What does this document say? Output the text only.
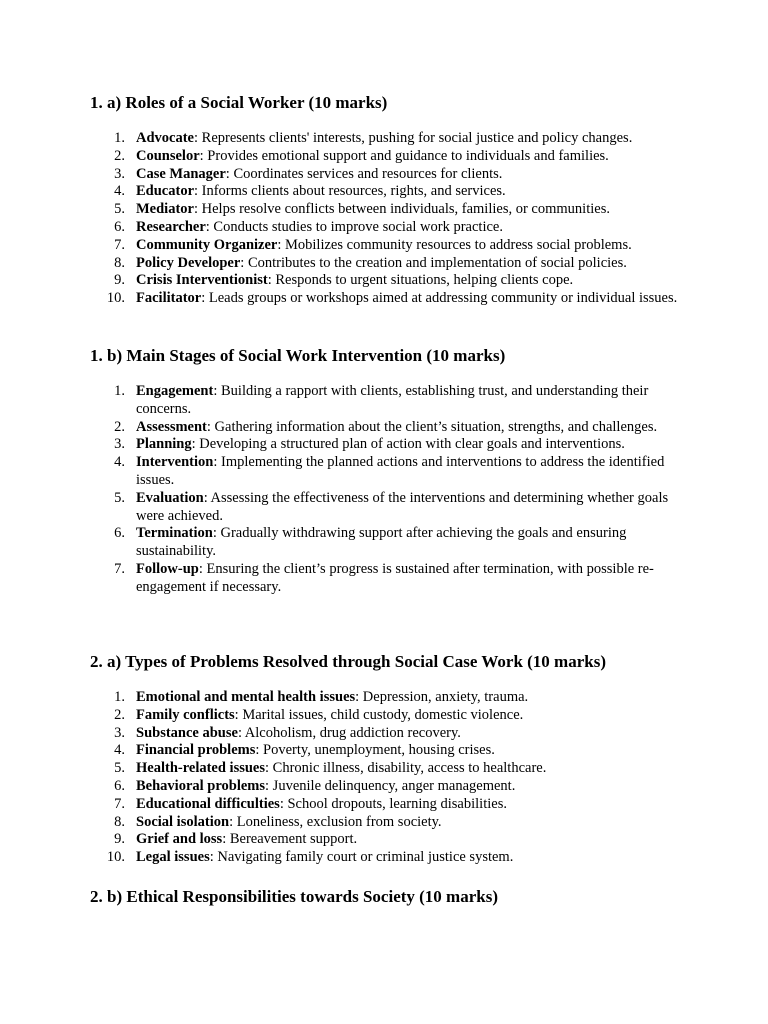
1. a) Roles of a Social Worker (10 marks)
1. Advocate: Represents clients' interests, pushing for social justice and policy changes.
2. Counselor: Provides emotional support and guidance to individuals and families.
3. Case Manager: Coordinates services and resources for clients.
4. Educator: Informs clients about resources, rights, and services.
5. Mediator: Helps resolve conflicts between individuals, families, or communities.
6. Researcher: Conducts studies to improve social work practice.
7. Community Organizer: Mobilizes community resources to address social problems.
8. Policy Developer: Contributes to the creation and implementation of social policies.
9. Crisis Interventionist: Responds to urgent situations, helping clients cope.
10. Facilitator: Leads groups or workshops aimed at addressing community or individual issues.
1. b) Main Stages of Social Work Intervention (10 marks)
1. Engagement: Building a rapport with clients, establishing trust, and understanding their concerns.
2. Assessment: Gathering information about the client’s situation, strengths, and challenges.
3. Planning: Developing a structured plan of action with clear goals and interventions.
4. Intervention: Implementing the planned actions and interventions to address the identified issues.
5. Evaluation: Assessing the effectiveness of the interventions and determining whether goals were achieved.
6. Termination: Gradually withdrawing support after achieving the goals and ensuring sustainability.
7. Follow-up: Ensuring the client’s progress is sustained after termination, with possible re-engagement if necessary.
2. a) Types of Problems Resolved through Social Case Work (10 marks)
1. Emotional and mental health issues: Depression, anxiety, trauma.
2. Family conflicts: Marital issues, child custody, domestic violence.
3. Substance abuse: Alcoholism, drug addiction recovery.
4. Financial problems: Poverty, unemployment, housing crises.
5. Health-related issues: Chronic illness, disability, access to healthcare.
6. Behavioral problems: Juvenile delinquency, anger management.
7. Educational difficulties: School dropouts, learning disabilities.
8. Social isolation: Loneliness, exclusion from society.
9. Grief and loss: Bereavement support.
10. Legal issues: Navigating family court or criminal justice system.
2. b) Ethical Responsibilities towards Society (10 marks)
